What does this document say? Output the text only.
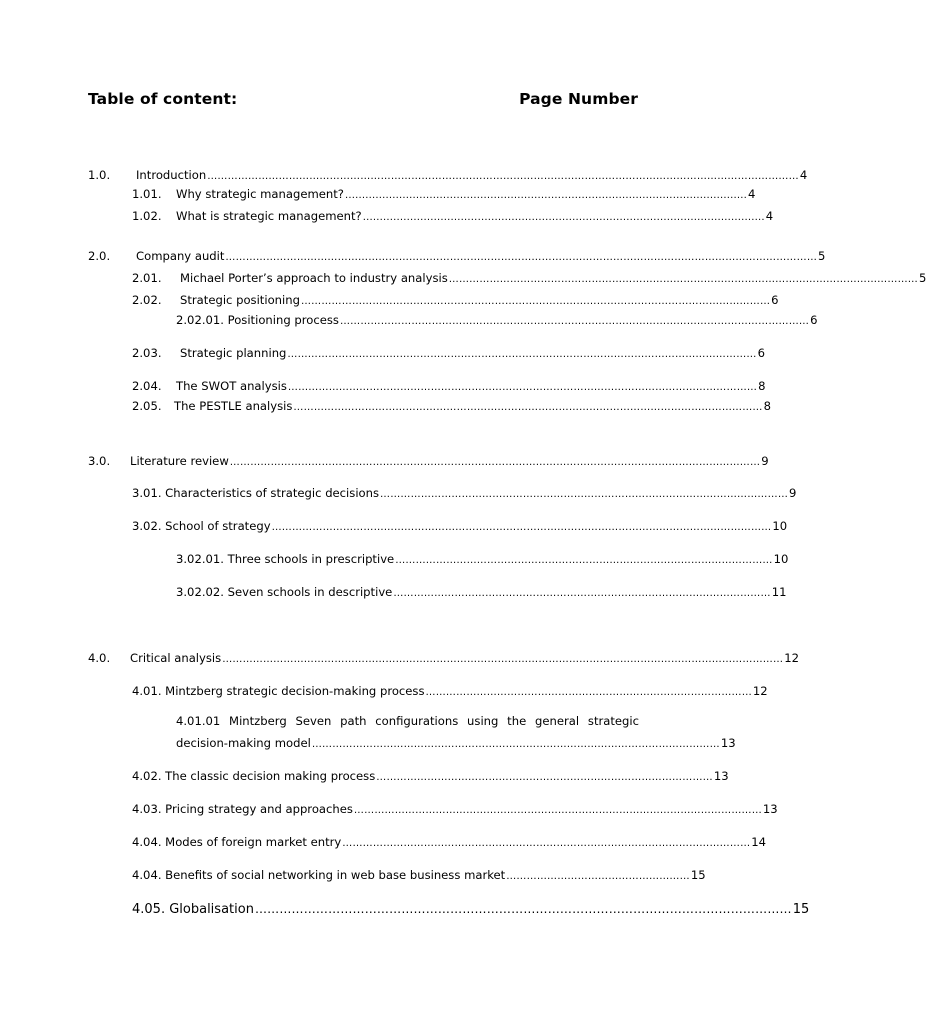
Table of content:	Page Number
1.0.	Introduction ………………………………………………………………………………………………………………………………………………………… 4
1.01.	Why strategic management? ....................................................................................................................... 4
1.02.	What is strategic management? ....................................................................................................................... 4
2.0.	Company audit ………………………………………………………………………………………………………………………………………………………… 5
2.01.	Michael Porter’s approach to industry analysis ………………………………………………………………………………………………………………………… 5
2.02.	Strategic positioning ………………………………………………………………………………………………………………………… 6
2.02.01. Positioning process ………………………………………………………………………………………………………………………… 6
2.03.	Strategic planning ………………………………………………………………………………………………………………………… 6
2.04.	The SWOT analysis ………………………………………………………………………………………………………………………… 8
2.05.	The PESTLE analysis ………………………………………………………………………………………………………………………… 8
3.0.	Literature review ………………………………………………………………………………………………………………………………………… 9
3.01. Characteristics of strategic decisions ………………………………………………………………………………………………………… 9
3.02. School of strategy ………………………………………………………………………………………………………………………………… 10
3.02.01. Three schools in prescriptive ………………………………………………………………………………………………… 10
3.02.02. Seven schools in descriptive ………………………………………………………………………………………………… 11
4.0.	Critical analysis ………………………………………………………………………………………………………………………………………………… 12
4.01. Mintzberg strategic decision-making process …………………………………………………………………………………… 12
4.01.01 Mintzberg Seven path configurations using the general strategic
decision-making model ………………………………………………………………………………………………………… 13
4.02. The classic decision making process ……………………………………………………………………………………… 13
4.03. Pricing strategy and approaches ………………………………………………………………………………………………………… 13
4.04. Modes of foreign market entry ………………………………………………………………………………………………………… 14
4.04. Benefits of social networking in web base business market ……………………………………………… 15
4.05. Globalisation …………………………………………………………………………………………………………………… 15
